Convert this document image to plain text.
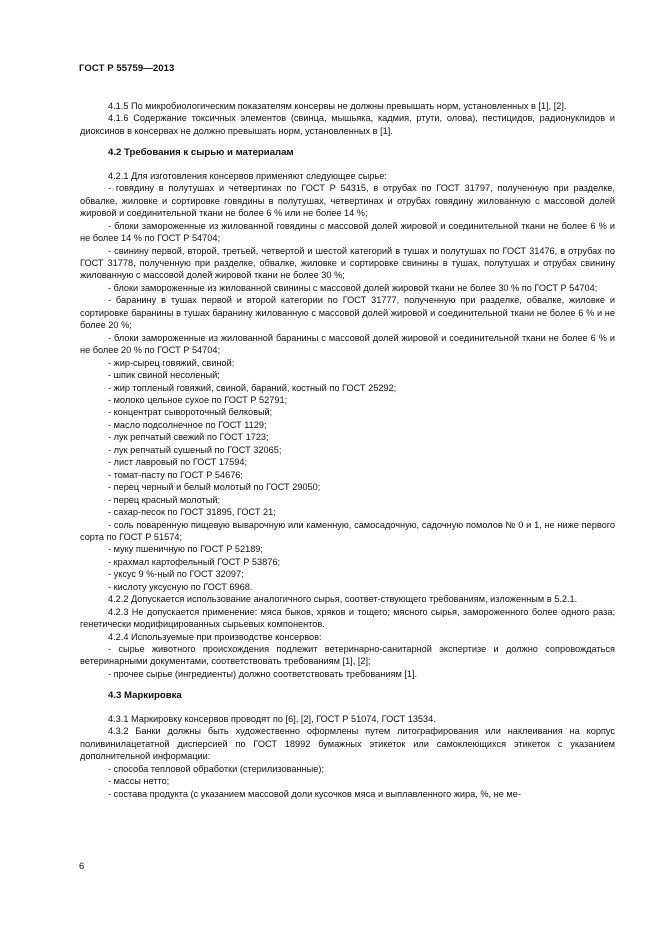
ГОСТ Р 55759—2013

4.1.5 По микробиологическим показателям консервы не должны превышать норм, установленных в [1], [2].

4.1.6 Содержание токсичных элементов (свинца, мышьяка, кадмия, ртути, олова), пестицидов, радионуклидов и диоксинов в консервах не должно превышать норм, установленных в [1].

4.2 Требования к сырью и материалам

4.2.1 Для изготовления консервов применяют следующее сырье:

- говядину в полутушах и четвертинах по ГОСТ Р 54315, в отрубах по ГОСТ 31797, полученную при разделке, обвалке, жиловке и сортировке говядины в полутушах, четвертинах и отрубах говядину жилованную с массовой долей жировой и соединительной ткани не более 6 % или не более 14 %;

- блоки замороженные из жилованной говядины с массовой долей жировой и соединительной ткани не более 6 % и не более 14 % по ГОСТ Р 54704;

- свинину первой, второй, третьей, четвертой и шестой категорий в тушах и полутушах по ГОСТ 31476, в отрубах по ГОСТ 31778, полученную при разделке, обвалке, жиловке и сортировке свинины в тушах, полутушах и отрубах свинину жилованную с массовой долей жировой ткани не более 30 %;

- блоки замороженные из жилованной свинины с массовой долей жировой ткани не более 30 % по ГОСТ Р 54704;

- баранину в тушах первой и второй категории по ГОСТ 31777, полученную при разделке, обвалке, жиловке и сортировке баранины в тушах баранину жилованную с массовой долей жировой и соединительной ткани не более 6 % и не более 20 %;

- блоки замороженные из жилованной баранины с массовой долей жировой и соединительной ткани не более 6 % и не более 20 % по ГОСТ Р 54704;

- жир-сырец говяжий, свиной;

- шпик свиной несоленый;

- жир топленый говяжий, свиной, бараний, костный по ГОСТ 25292;

- молоко цельное сухое по ГОСТ Р 52791;

- концентрат сывороточный белковый;

- масло подсолнечное по ГОСТ 1129;

- лук репчатый свежий по ГОСТ 1723;

- лук репчатый сушеный по ГОСТ 32065;

- лист лавровый по ГОСТ 17594;

- томат-пасту по ГОСТ Р 54676;

- перец черный и белый молотый по ГОСТ 29050;

- перец красный молотый;

- сахар-песок по ГОСТ 31895, ГОСТ 21;

- соль поваренную пищевую выварочную или каменную, самосадочную, садочную помолов № 0 и 1, не ниже первого сорта по ГОСТ Р 51574;

- муку пшеничную по ГОСТ Р 52189;

- крахмал картофельный ГОСТ Р 53876;

- уксус 9 %-ный по ГОСТ 32097;

- кислоту уксусную по ГОСТ 6968.

4.2.2 Допускается использование аналогичного сырья, соответ-ствующего требованиям, изложенным в 5.2.1.

4.2.3 Не допускается применение: мяса быков, хряков и тощего; мясного сырья, замороженного более одного раза; генетически модифицированных сырьевых компонентов.

4.2.4 Используемые при производстве консервов:

- сырье животного происхождения подлежит ветеринарно-санитарной экспертизе и должно сопровождаться ветеринарными документами, соответствовать требованиям [1], [2];

- прочее сырье (ингредиенты) должно соответствовать требованиям [1].

4.3 Маркировка

4.3.1 Маркировку консервов проводят по [6], [2], ГОСТ Р 51074, ГОСТ 13534.

4.3.2 Банки должны быть художественно оформлены путем литографирования или наклеивания на корпус поливинилацетатной дисперсией по ГОСТ 18992 бумажных этикеток или самоклеющихся этикеток с указанием дополнительной информации:

- способа тепловой обработки (стерилизованные);

- массы нетто;

- состава продукта (с указанием массовой доли кусочков мяса и выплавленного жира, %, не ме-

6
